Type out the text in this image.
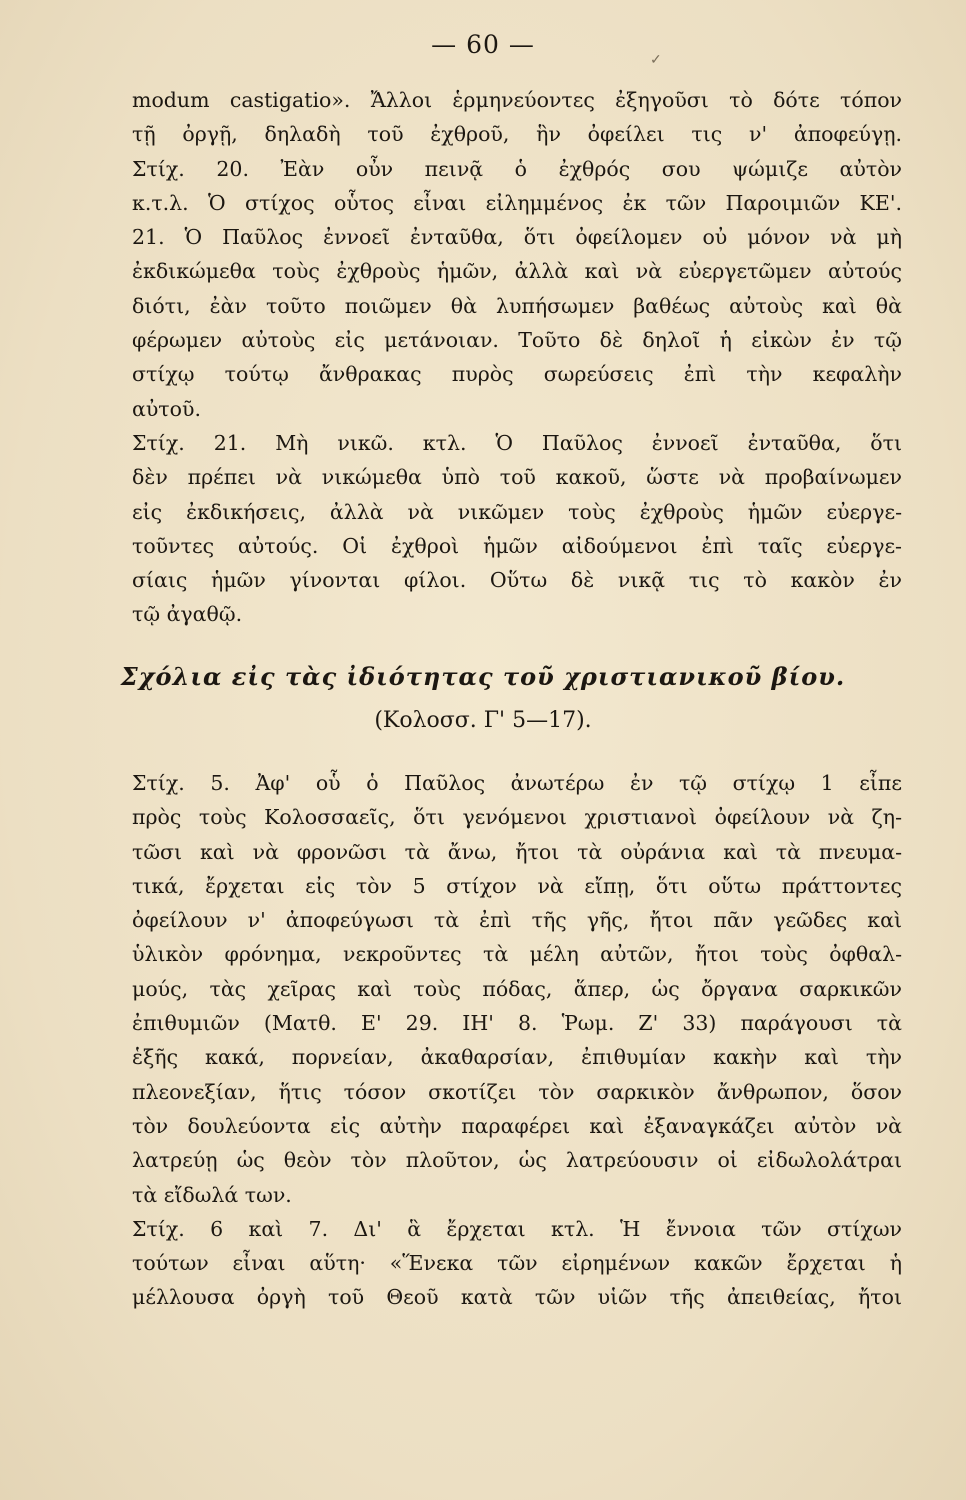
— 60 —
✓
modum castigatio». Ἄλλοι ἑρμηνεύοντες ἐξηγοῦσι τὸ δότε τόπον
τῇ ὀργῇ, δηλαδὴ τοῦ ἐχθροῦ, ἣν ὀφείλει τις ν' ἀποφεύγῃ.
Στίχ. 20. Ἐὰν οὖν πεινᾷ ὁ ἐχθρός σου ψώμιζε αὐτὸν
κ.τ.λ. Ὁ στίχος οὗτος εἶναι εἰλημμένος ἐκ τῶν Παροιμιῶν ΚΕ'.
21. Ὁ Παῦλος ἐννοεῖ ἐνταῦθα, ὅτι ὀφείλομεν οὐ μόνον νὰ μὴ
ἐκδικώμεθα τοὺς ἐχθροὺς ἡμῶν, ἀλλὰ καὶ νὰ εὐεργετῶμεν αὐτούς
διότι, ἐὰν τοῦτο ποιῶμεν θὰ λυπήσωμεν βαθέως αὐτοὺς καὶ θὰ
φέρωμεν αὐτοὺς εἰς μετάνοιαν. Τοῦτο δὲ δηλοῖ ἡ εἰκὼν ἐν τῷ
στίχῳ τούτῳ ἄνθρακας πυρὸς σωρεύσεις ἐπὶ τὴν κεφαλὴν
αὐτοῦ.
Στίχ. 21. Μὴ νικῶ. κτλ. Ὁ Παῦλος ἐννοεῖ ἐνταῦθα, ὅτι
δὲν πρέπει νὰ νικώμεθα ὑπὸ τοῦ κακοῦ, ὥστε νὰ προβαίνωμεν
εἰς ἐκδικήσεις, ἀλλὰ νὰ νικῶμεν τοὺς ἐχθροὺς ἡμῶν εὐεργε-
τοῦντες αὐτούς. Οἱ ἐχθροὶ ἡμῶν αἰδούμενοι ἐπὶ ταῖς εὐεργε-
σίαις ἡμῶν γίνονται φίλοι. Οὕτω δὲ νικᾷ τις τὸ κακὸν ἐν
τῷ ἀγαθῷ.
Σχόλια εἰς τὰς ἰδιότητας τοῦ χριστιανικοῦ βίου.
(Κολοσσ. Γ' 5—17).
Στίχ. 5. Ἀφ' οὗ ὁ Παῦλος ἀνωτέρω ἐν τῷ στίχῳ 1 εἶπε
πρὸς τοὺς Κολοσσαεῖς, ὅτι γενόμενοι χριστιανοὶ ὀφείλουν νὰ ζη-
τῶσι καὶ νὰ φρονῶσι τὰ ἄνω, ἤτοι τὰ οὐράνια καὶ τὰ πνευμα-
τικά, ἔρχεται εἰς τὸν 5 στίχον νὰ εἴπῃ, ὅτι οὕτω πράττοντες
ὀφείλουν ν' ἀποφεύγωσι τὰ ἐπὶ τῆς γῆς, ἤτοι πᾶν γεῶδες καὶ
ὑλικὸν φρόνημα, νεκροῦντες τὰ μέλη αὐτῶν, ἤτοι τοὺς ὀφθαλ-
μούς, τὰς χεῖρας καὶ τοὺς πόδας, ἅπερ, ὡς ὄργανα σαρκικῶν
ἐπιθυμιῶν (Ματθ. Ε' 29. ΙΗ' 8. Ῥωμ. Ζ' 33) παράγουσι τὰ
ἑξῆς κακά, πορνείαν, ἀκαθαρσίαν, ἐπιθυμίαν κακὴν καὶ τὴν
πλεονεξίαν, ἥτις τόσον σκοτίζει τὸν σαρκικὸν ἄνθρωπον, ὅσον
τὸν δουλεύοντα εἰς αὐτὴν παραφέρει καὶ ἐξαναγκάζει αὐτὸν νὰ
λατρεύῃ ὡς θεὸν τὸν πλοῦτον, ὡς λατρεύουσιν οἱ εἰδωλολάτραι
τὰ εἴδωλά των.
Στίχ. 6 καὶ 7. Δι' ἃ ἔρχεται κτλ. Ἡ ἔννοια τῶν στίχων
τούτων εἶναι αὕτη· «Ἕνεκα τῶν εἰρημένων κακῶν ἔρχεται ἡ
μέλλουσα ὀργὴ τοῦ Θεοῦ κατὰ τῶν υἱῶν τῆς ἀπειθείας, ἤτοι
